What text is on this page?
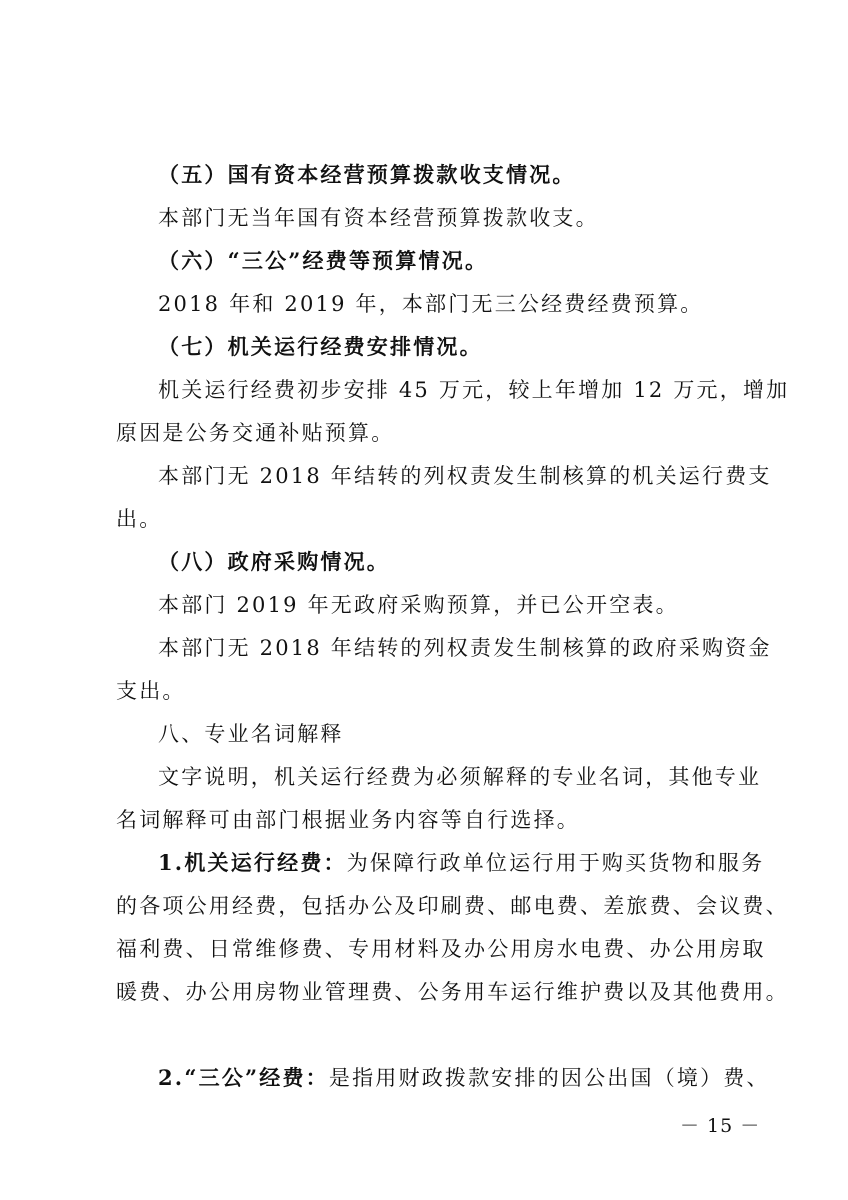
（五）国有资本经营预算拨款收支情况。
本部门无当年国有资本经营预算拨款收支。
（六）“三公”经费等预算情况。
2018 年和 2019 年，本部门无三公经费经费预算。
（七）机关运行经费安排情况。
机关运行经费初步安排 45 万元，较上年增加 12 万元，增加
原因是公务交通补贴预算。
本部门无 2018 年结转的列权责发生制核算的机关运行费支
出。
（八）政府采购情况。
本部门 2019 年无政府采购预算，并已公开空表。
本部门无 2018 年结转的列权责发生制核算的政府采购资金
支出。
八、专业名词解释
文字说明，机关运行经费为必须解释的专业名词，其他专业
名词解释可由部门根据业务内容等自行选择。
1.机关运行经费：为保障行政单位运行用于购买货物和服务
的各项公用经费，包括办公及印刷费、邮电费、差旅费、会议费、
福利费、日常维修费、专用材料及办公用房水电费、办公用房取
暖费、办公用房物业管理费、公务用车运行维护费以及其他费用。
2.“三公”经费：是指用财政拨款安排的因公出国（境）费、
－ 15 －
